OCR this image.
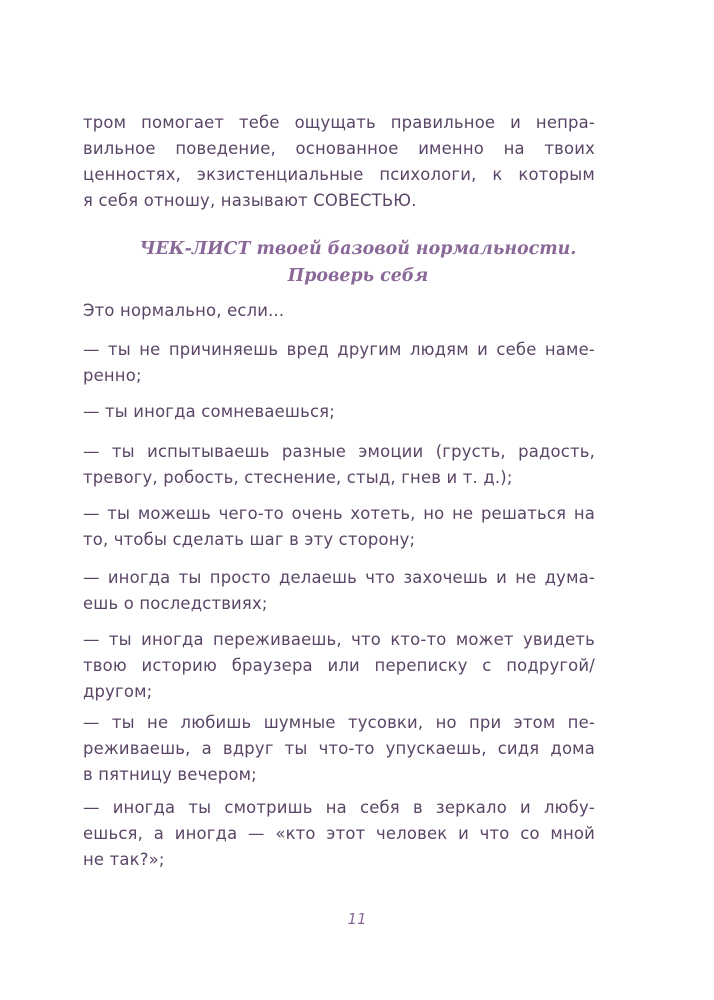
тром помогает тебе ощущать правильное и непра-
вильное поведение, основанное именно на твоих
ценностях, экзистенциальные психологи, к которым
я себя отношу, называют СОВЕСТЬЮ.
ЧЕК-ЛИСТ твоей базовой нормальности.
Проверь себя
Это нормально, если...
— ты не причиняешь вред другим людям и себе наме-
ренно;
— ты иногда сомневаешься;
— ты испытываешь разные эмоции (грусть, радость,
тревогу, робость, стеснение, стыд, гнев и т. д.);
— ты можешь чего-то очень хотеть, но не решаться на
то, чтобы сделать шаг в эту сторону;
— иногда ты просто делаешь что захочешь и не дума-
ешь о последствиях;
— ты иногда переживаешь, что кто-то может увидеть
твою историю браузера или переписку с подругой/
другом;
— ты не любишь шумные тусовки, но при этом пе-
реживаешь, а вдруг ты что-то упускаешь, сидя дома
в пятницу вечером;
— иногда ты смотришь на себя в зеркало и любу-
ешься, а иногда — «кто этот человек и что со мной
не так?»;
11
